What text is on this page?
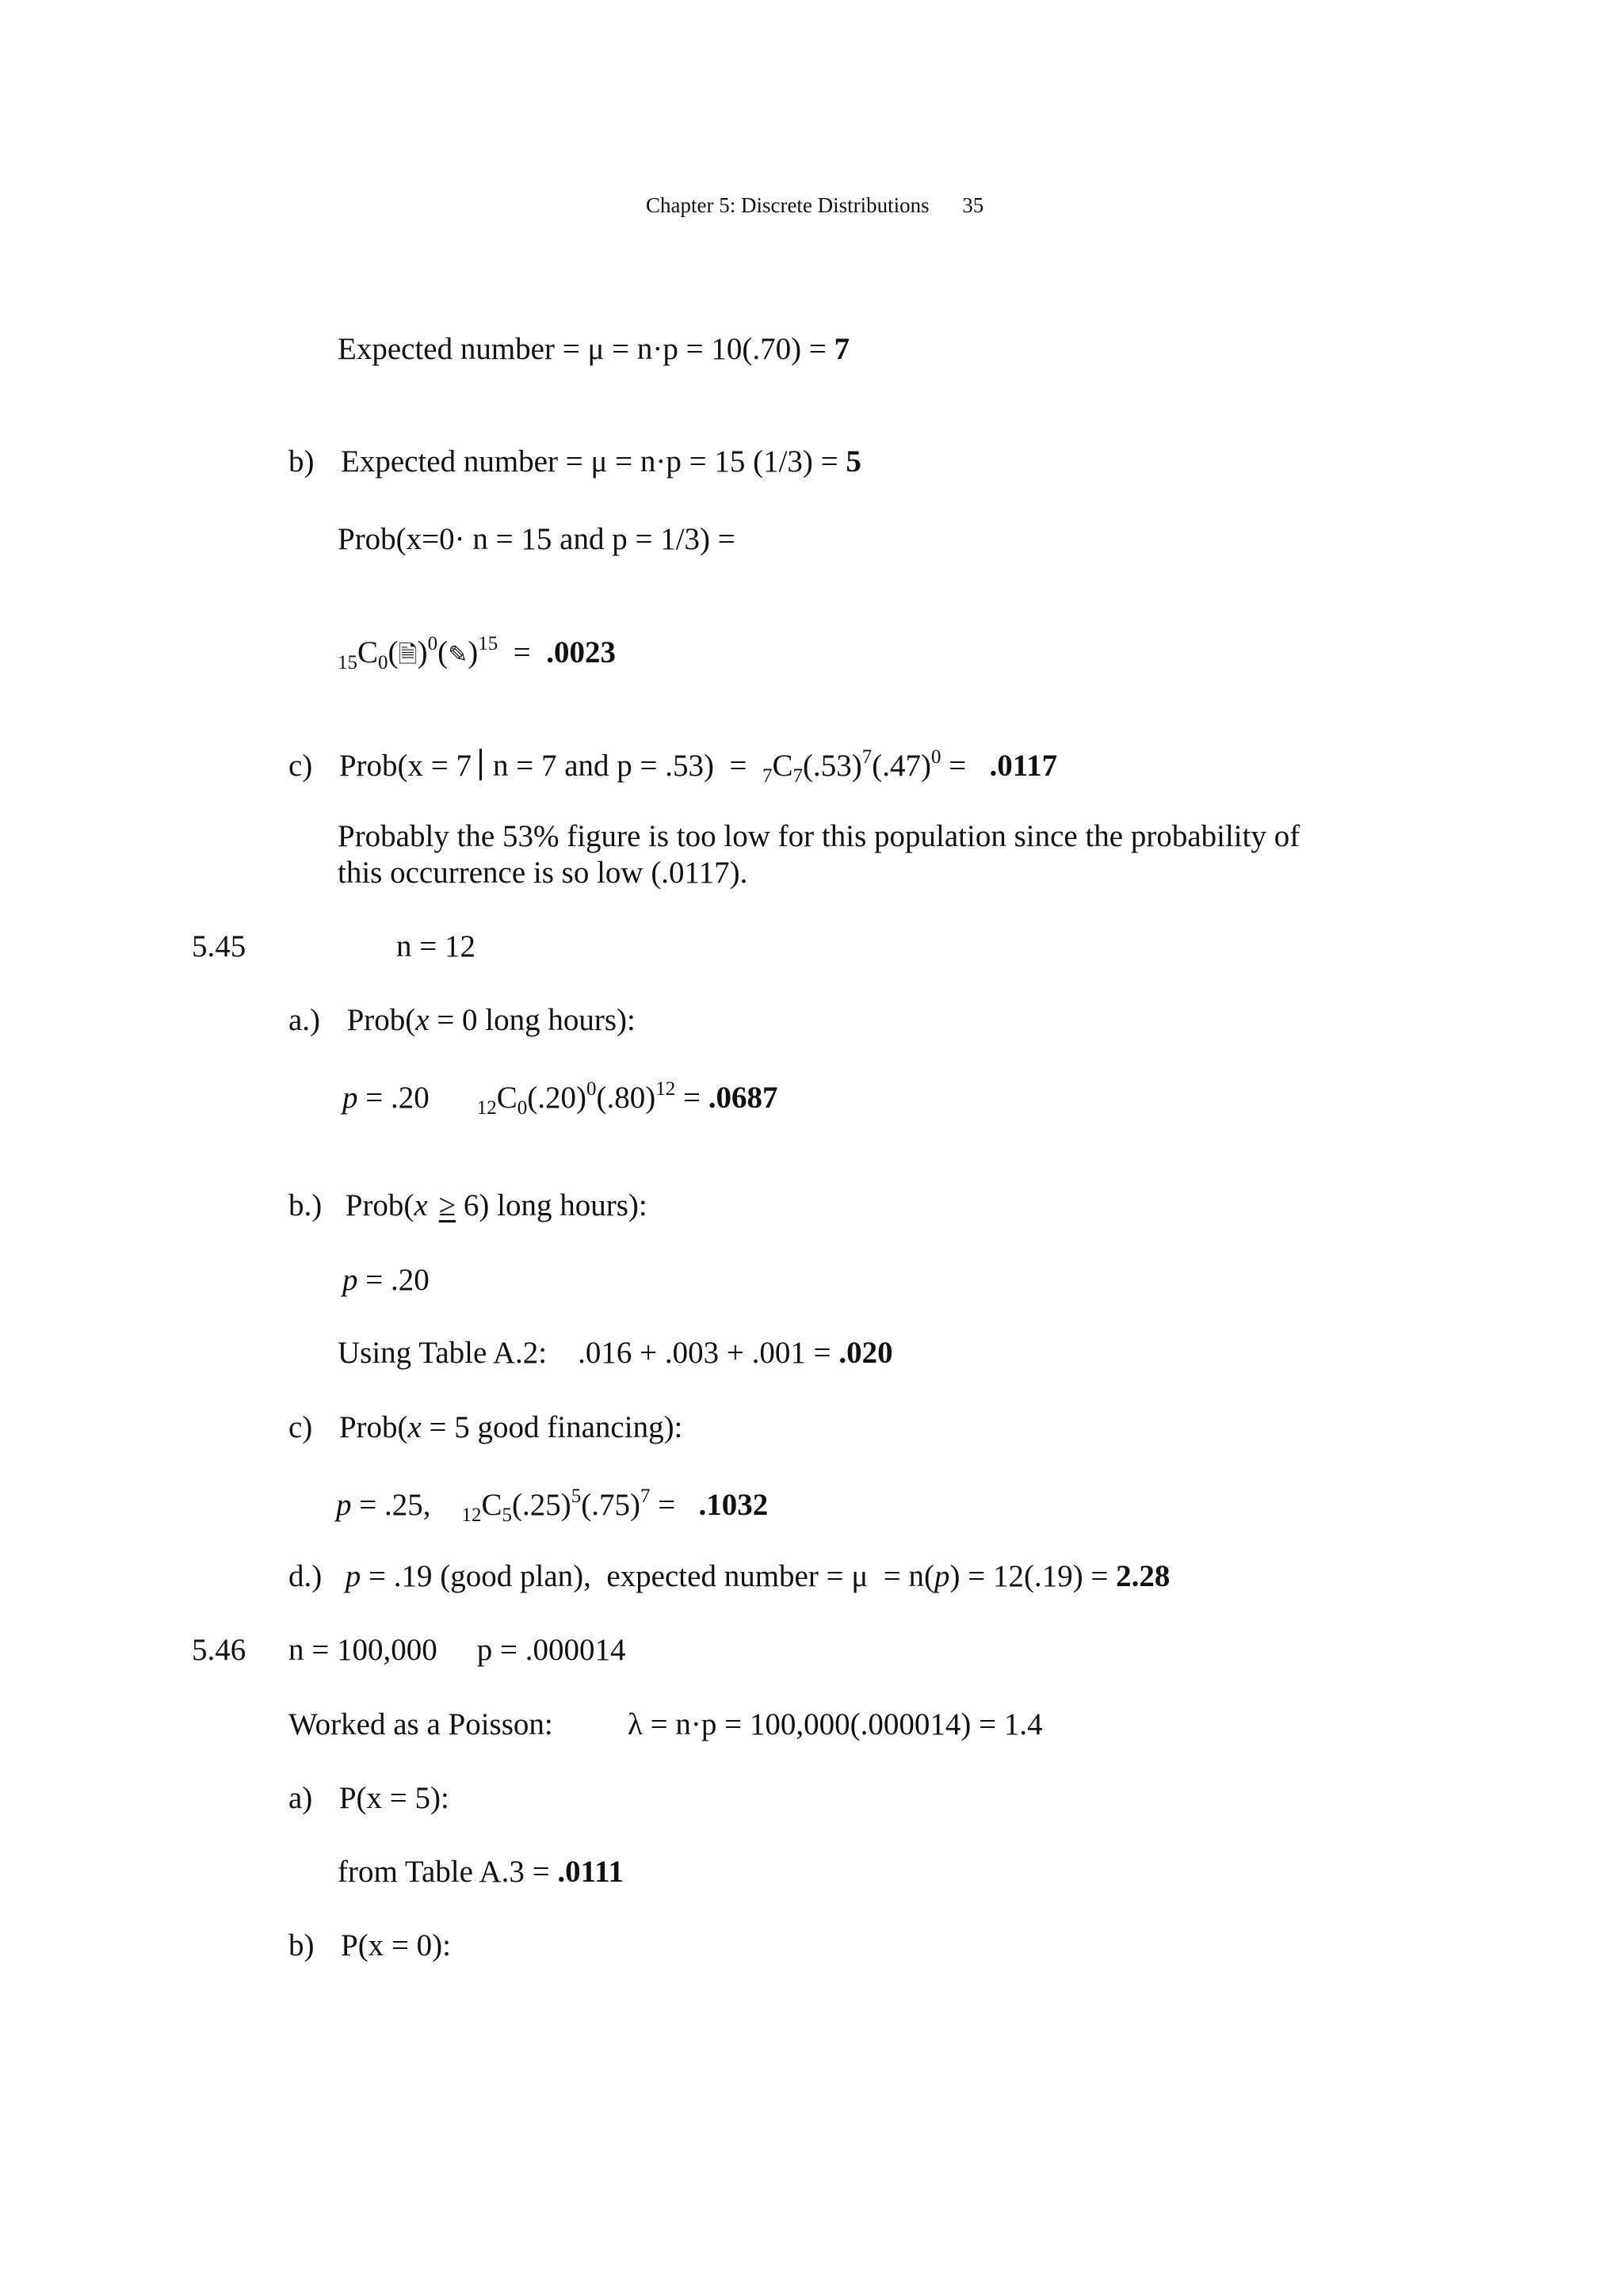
Chapter 5: Discrete Distributions 35
Expected number = μ = n·p = 10(.70) = 7
b) Expected number = μ = n·p = 15 (1/3) = 5
Prob(x=0· n = 15 and p = 1/3) =
$_{15}C_0(🗎)^0(✎)^{15} = .0023$
c) Prob(x = 7 n = 7 and $p = .53) = _7C_7(.53)^7(.47)^0 = .0117$
Probably the 53% figure is too low for this population since the probability of
this occurrence is so low (.0117).
5.45	n = 12
a.) Prob(x = 0 long hours):
p = .20 $_{12}C_0(.20)^0(.80)^{12} = .0687$
b.) Prob(x ≥ 6) long hours):
p = .20
Using Table A.2:    .016 + .003 + .001 = .020
c) Prob(x = 5 good financing):
p = .25,    $_{12}C_5(.25)^5(.75)^7 = .1032$
d.) p = .19 (good plan),  expected number = μ  = n(p) = 12(.19) = 2.28
5.46 n = 100,000 p = .000014
Worked as a Poisson: λ = n·p = 100,000(.000014) = 1.4
a) P(x = 5):
from Table A.3 = .0111
b) P(x = 0):
